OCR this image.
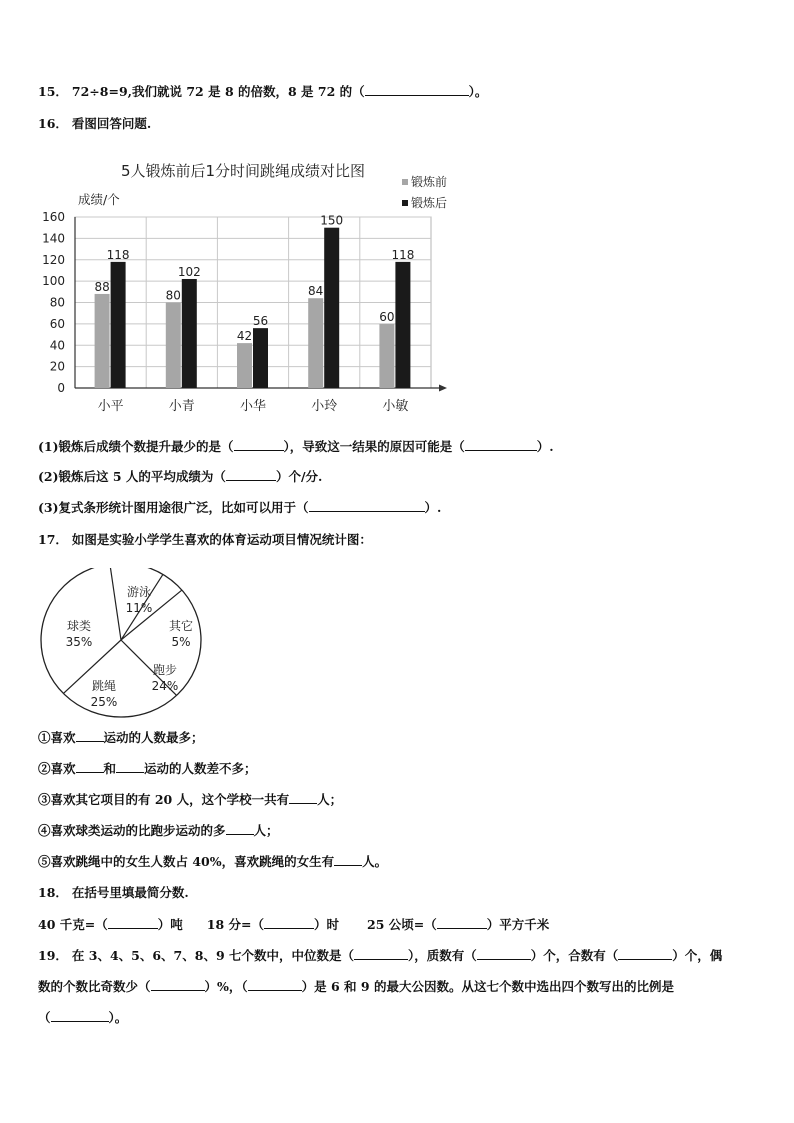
15． 72÷8=9,我们就说 72 是 8 的倍数，8 是 72 的（	）。
16． 看图回答问题.
0
20
40
60
80
100
120
140
160
88
118
小平
80
102
小青
42
56
小华
84
150
小玲
60
118
小敏
5人锻炼前后1分时间跳绳成绩对比图
成绩/个
锻炼前
锻炼后
(1)锻炼后成绩个数提升最少的是（	），导致这一结果的原因可能是（	）.
(2)锻炼后这 5 人的平均成绩为（	）个/分.
(3)复式条形统计图用途很广泛，比如可以用于（	）.
17． 如图是实验小学学生喜欢的体育运动项目情况统计图：
游泳
11%
其它
5%
跑步
24%
跳绳
25%
球类
35%
①喜欢 运动的人数最多；
②喜欢 和 运动的人数差不多；
③喜欢其它项目的有 20 人，这个学校一共有 人；
④喜欢球类运动的比跑步运动的多 人；
⑤喜欢跳绳中的女生人数占 40%，喜欢跳绳的女生有 人。
18． 在括号里填最简分数.
40 千克=（	）吨 18 分=（	）时 25 公顷=（	）平方千米
19． 在 3、4、5、6、7、8、9 七个数中，中位数是（	），质数有（	）个，合数有（	）个，偶
数的个数比奇数少（	）%，（	）是 6 和 9 的最大公因数。从这七个数中选出四个数写出的比例是
（	）。
